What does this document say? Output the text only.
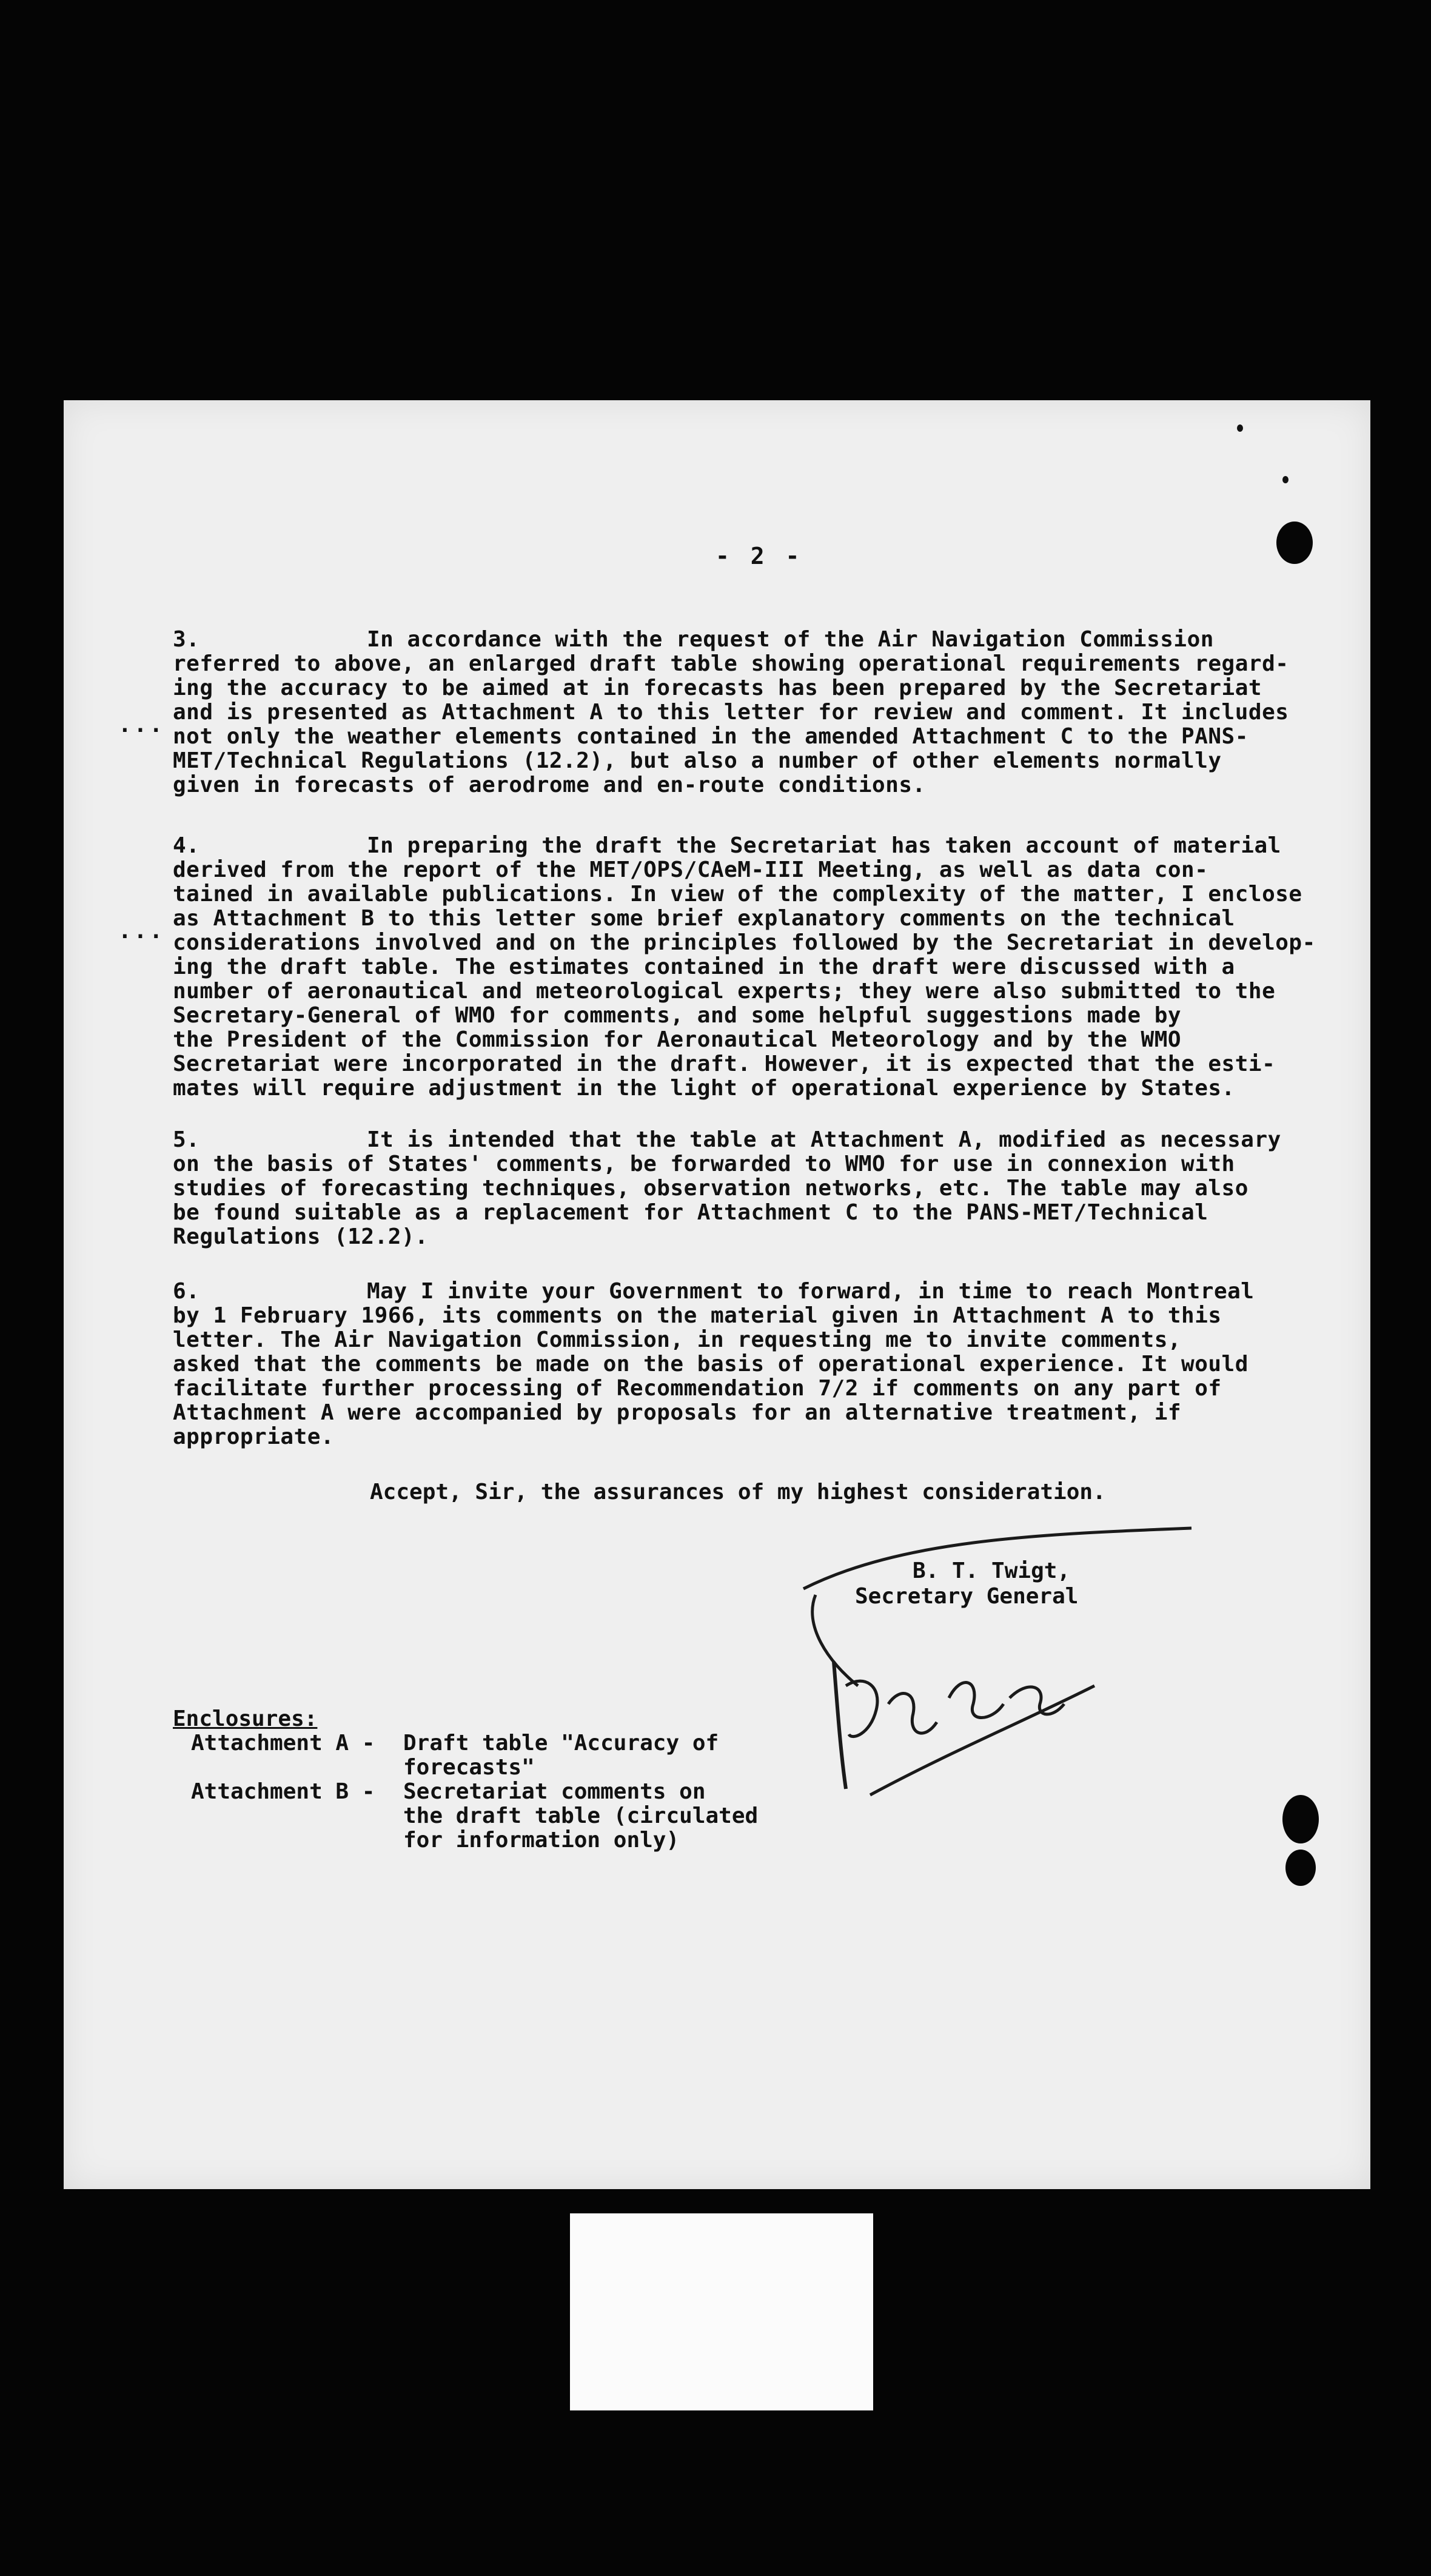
- 2 -
...
3.	In accordance with the request of the Air Navigation Commission
referred to above, an enlarged draft table showing operational requirements regard-
ing the accuracy to be aimed at in forecasts has been prepared by the Secretariat
and is presented as Attachment A to this letter for review and comment. It includes
not only the weather elements contained in the amended Attachment C to the PANS-
MET/Technical Regulations (12.2), but also a number of other elements normally
given in forecasts of aerodrome and en-route conditions.
...
4.	In preparing the draft the Secretariat has taken account of material
derived from the report of the MET/OPS/CAeM-III Meeting, as well as data con-
tained in available publications. In view of the complexity of the matter, I enclose
as Attachment B to this letter some brief explanatory comments on the technical
considerations involved and on the principles followed by the Secretariat in develop-
ing the draft table. The estimates contained in the draft were discussed with a
number of aeronautical and meteorological experts; they were also submitted to the
Secretary-General of WMO for comments, and some helpful suggestions made by
the President of the Commission for Aeronautical Meteorology and by the WMO
Secretariat were incorporated in the draft. However, it is expected that the esti-
mates will require adjustment in the light of operational experience by States.
5.	It is intended that the table at Attachment A, modified as necessary
on the basis of States' comments, be forwarded to WMO for use in connexion with
studies of forecasting techniques, observation networks, etc. The table may also
be found suitable as a replacement for Attachment C to the PANS-MET/Technical
Regulations (12.2).
6.	May I invite your Government to forward, in time to reach Montreal
by 1 February 1966, its comments on the material given in Attachment A to this
letter. The Air Navigation Commission, in requesting me to invite comments,
asked that the comments be made on the basis of operational experience. It would
facilitate further processing of Recommendation 7/2 if comments on any part of
Attachment A were accompanied by proposals for an alternative treatment, if
appropriate.
Accept, Sir, the assurances of my highest consideration.
B. T. Twigt,
Secretary General
Enclosures:
Attachment A -	Draft table "Accuracy of
forecasts"
Attachment B -	Secretariat comments on
the draft table (circulated
for information only)
